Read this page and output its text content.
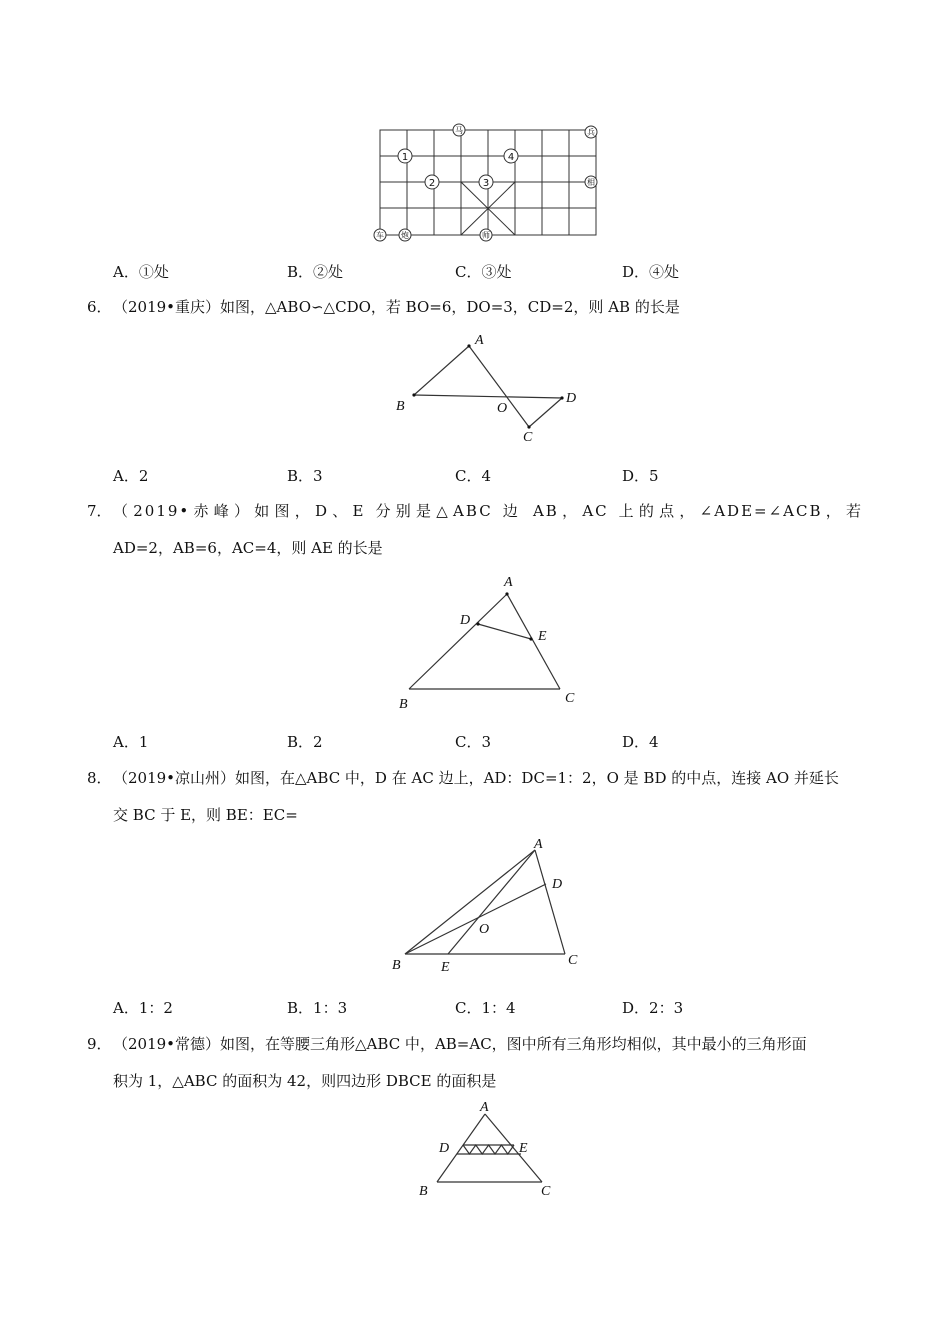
1
2	3
4
马	兵
相
车 炮	师
A．①处	B．②处	C．③处	D．④处
6． （2019•重庆）如图，△ABO∽△CDO，若 BO=6，DO=3，CD=2，则 AB 的长是
A
B	O
D
C
A．2	B．3	C．4	D．5
7． （2019•赤峰）如图，D、E 分别是△ABC 边 AB，AC 上的点，∠ADE=∠ACB，若
AD=2，AB=6，AC=4，则 AE 的长是
A
D
E
B	C
A．1	B．2	C．3	D．4
8． （2019•凉山州）如图，在△ABC 中，D 在 AC 边上，AD：DC=1：2，O 是 BD 的中点，连接 AO 并延长
交 BC 于 E，则 BE：EC=
A
D
O
B	E	C
A．1：2	B．1：3	C．1：4	D．2：3
9． （2019•常德）如图，在等腰三角形△ABC 中，AB=AC，图中所有三角形均相似，其中最小的三角形面
积为 1，△ABC 的面积为 42，则四边形 DBCE 的面积是
A
D	E
B	C
